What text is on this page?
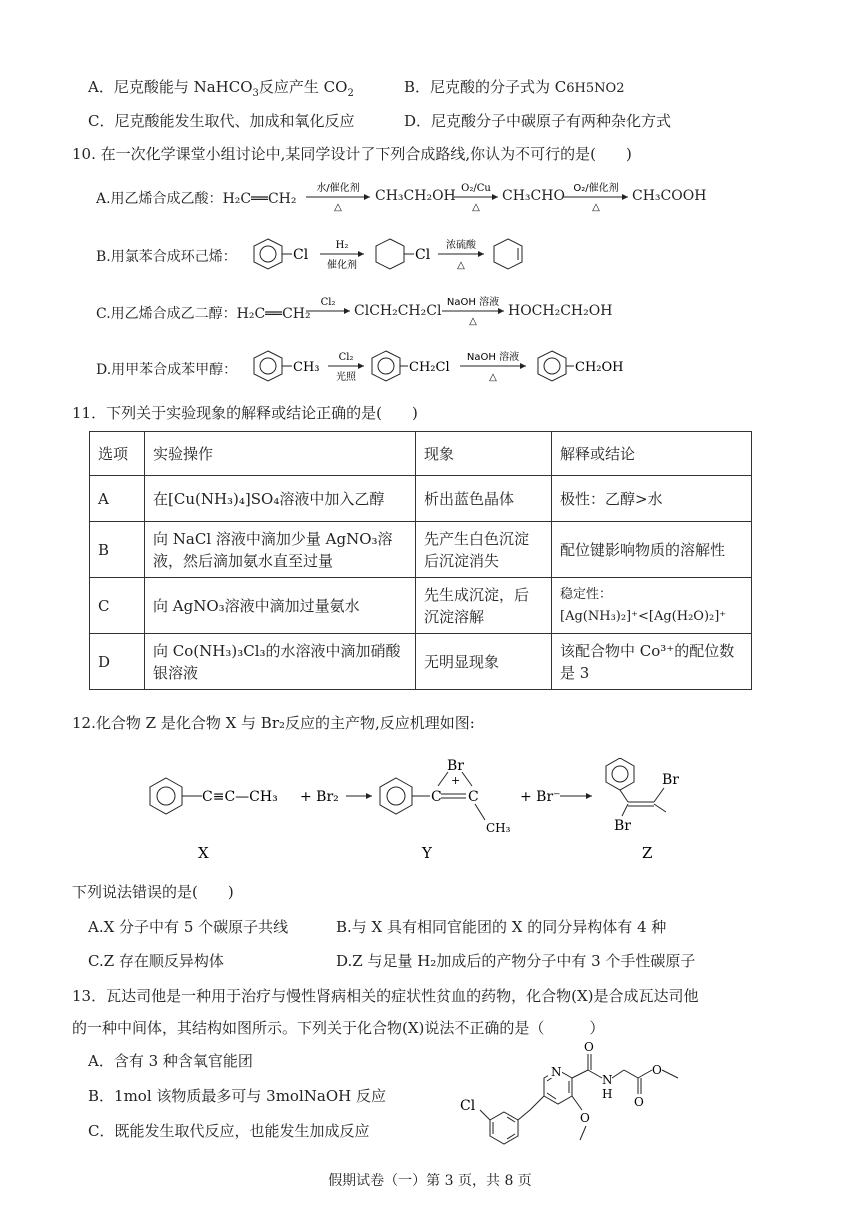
A．尼克酸能与 NaHCO$_3$反应产生 $CO_2$	B．尼克酸的分子式为 C6H5NO2
C．尼克酸能发生取代、加成和氧化反应	D．尼克酸分子中碳原子有两种杂化方式
10. 在一次化学课堂小组讨论中,某同学设计了下列合成路线,你认为不可行的是(　　)
A.用乙烯合成乙酸：H₂C══CH₂
水/催化剂
△
CH₃CH₂OH O₂/Cu
△
CH₃CHO O₂/催化剂
△
CH₃COOH
B.用氯苯合成环己烯：	Cl
H₂
催化剂
Cl
浓硫酸
△
C.用乙烯合成乙二醇：H₂C══CH₂
Cl₂
ClCH₂CH₂Cl
NaOH 溶液
△
HOCH₂CH₂OH
D.用甲苯合成苯甲醇：	CH₃
Cl₂
光照
CH₂Cl
NaOH 溶液
△
CH₂OH
11．下列关于实验现象的解释或结论正确的是(　　)
选项	实验操作	现象	解释或结论
A	在[Cu(NH₃)₄]SO₄溶液中加入乙醇	析出蓝色晶体	极性：乙醇>水
B	向 NaCl 溶液中滴加少量 AgNO₃溶液，然后滴加氨水直至过量	先产生白色沉淀后沉淀消失	配位键影响物质的溶解性
C	向 AgNO₃溶液中滴加过量氨水	先生成沉淀，后沉淀溶解	稳定性：[Ag(NH₃)₂]⁺<[Ag(H₂O)₂]⁺
D	向 Co(NH₃)₃Cl₃的水溶液中滴加硝酸银溶液	无明显现象	该配合物中 Co³⁺的配位数是 3
12.化合物 Z 是化合物 X 与 Br₂反应的主产物,反应机理如图:
C≡C—CH₃ + Br₂	C C
Br
+
CH₃
+ Br⁻
Br
Br
X	Y	Z
下列说法错误的是(　　)
A.X 分子中有 5 个碳原子共线	B.与 X 具有相同官能团的 X 的同分异构体有 4 种
C.Z 存在顺反异构体	D.Z 与足量 H₂加成后的产物分子中有 3 个手性碳原子
13．瓦达司他是一种用于治疗与慢性肾病相关的症状性贫血的药物，化合物(X)是合成瓦达司他
的一种中间体，其结构如图所示。下列关于化合物(X)说法不正确的是（　　　）
A．含有 3 种含氧官能团
B．1mol 该物质最多可与 3molNaOH 反应
C．既能发生取代反应，也能发生加成反应
Cl
N
O
O
N
H
O
O
假期试卷（一）第 3 页，共 8 页
